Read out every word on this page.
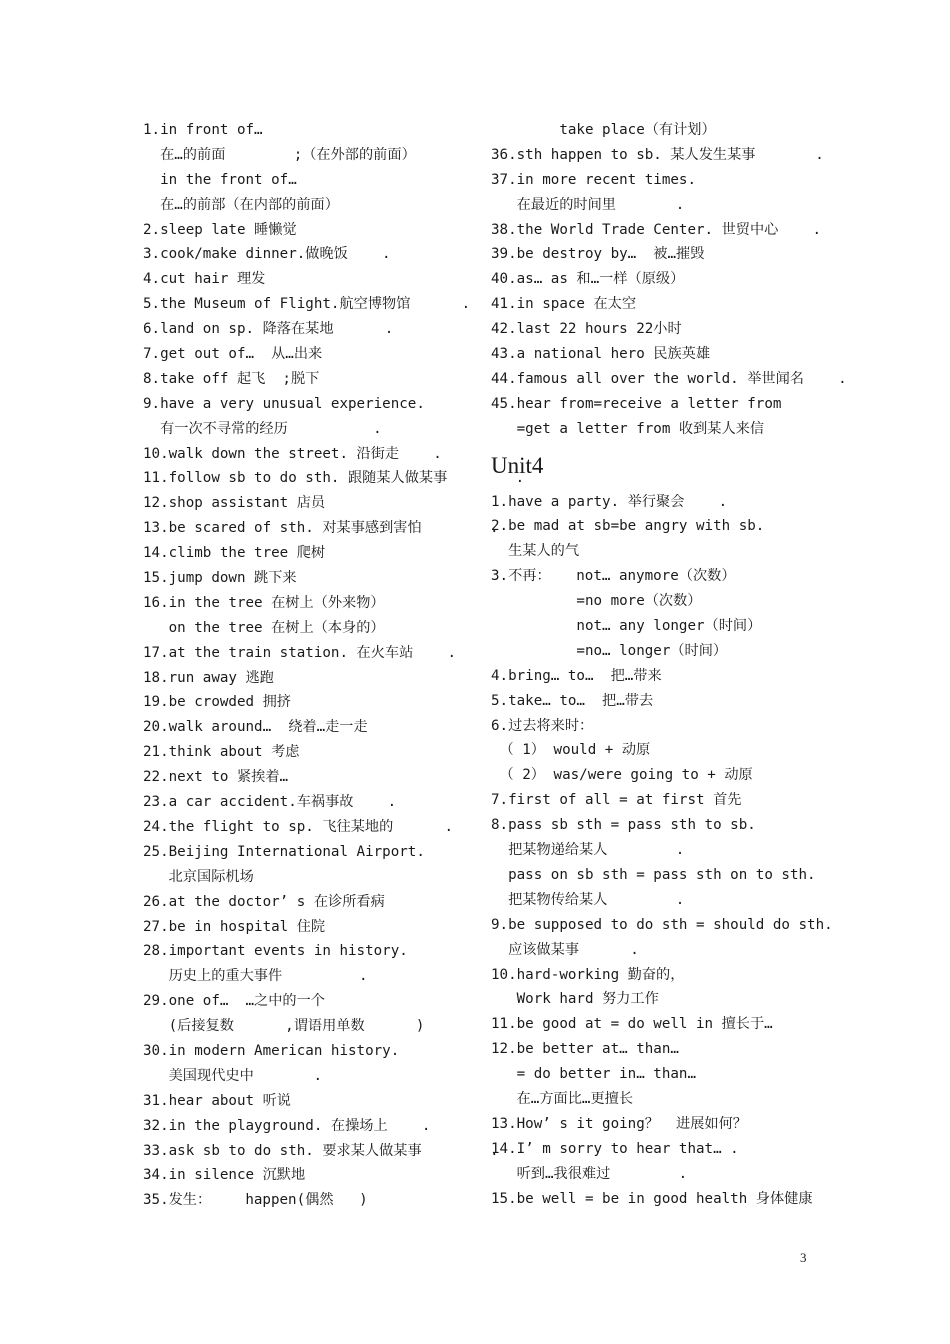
1.in front of…
在…的前面        ;（在外部的前面）
in the front of…
在…的前部（在内部的前面）
2.sleep late 睡懒觉
3.cook/make dinner.做晚饭    .
4.cut hair 理发
5.the Museum of Flight.航空博物馆      .
6.land on sp. 降落在某地      .
7.get out of…  从…出来
8.take off 起飞  ;脱下
9.have a very unusual experience.
有一次不寻常的经历          .
10.walk down the street. 沿街走    .
11.follow sb to do sth. 跟随某人做某事        .
12.shop assistant 店员
13.be scared of sth. 对某事感到害怕        .
14.climb the tree 爬树
15.jump down 跳下来
16.in the tree 在树上（外来物）
on the tree 在树上（本身的）
17.at the train station. 在火车站    .
18.run away 逃跑
19.be crowded 拥挤
20.walk around…  绕着…走一走
21.think about 考虑
22.next to 紧挨着…
23.a car accident.车祸事故    .
24.the flight to sp. 飞往某地的      .
25.Beijing International Airport.
北京国际机场
26.at the doctor’ s 在诊所看病
27.be in hospital 住院
28.important events in history.
历史上的重大事件         .
29.one of…  …之中的一个
(后接复数      ,谓语用单数      )
30.in modern American history.
美国现代史中       .
31.hear about 听说
32.in the playground. 在操场上    .
33.ask sb to do sth. 要求某人做某事        .
34.in silence 沉默地
35.发生：    happen(偶然   )
take place（有计划）
36.sth happen to sb. 某人发生某事       .
37.in more recent times.
在最近的时间里       .
38.the World Trade Center. 世贸中心    .
39.be destroy by…  被…摧毁
40.as… as 和…一样（原级）
41.in space 在太空
42.last 22 hours 22小时
43.a national hero 民族英雄
44.famous all over the world. 举世闻名    .
45.hear from=receive a letter from
=get a letter from 收到某人来信
Unit4
1.have a party. 举行聚会    .
2.be mad at sb=be angry with sb.
生某人的气
3.不再：   not… anymore（次数）
=no more（次数）
not… any longer（时间）
=no… longer（时间）
4.bring… to…  把…带来
5.take… to…  把…带去
6.过去将来时：
（ 1） would + 动原
（ 2） was/were going to + 动原
7.first of all = at first 首先
8.pass sb sth = pass sth to sb.
把某物递给某人        .
pass on sb sth = pass sth on to sth.
把某物传给某人        .
9.be supposed to do sth = should do sth.
应该做某事      .
10.hard-working 勤奋的，
Work hard 努力工作
11.be good at = do well in 擅长于…
12.be better at… than…
= do better in… than…
在…方面比…更擅长
13.How’ s it going？  进展如何？
14.I’ m sorry to hear that… .
听到…我很难过        .
15.be well = be in good health 身体健康
3
